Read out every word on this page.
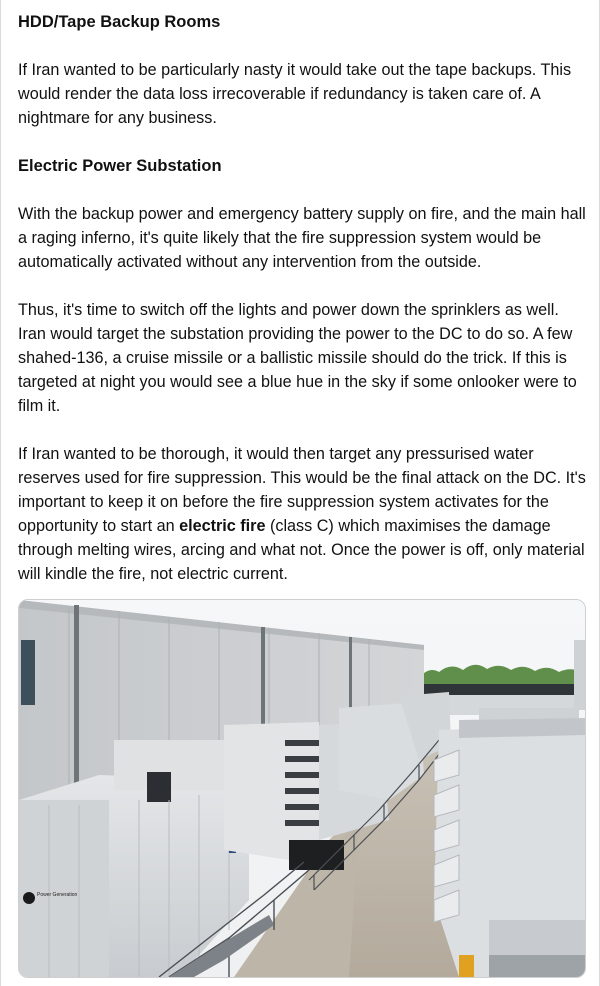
HDD/Tape Backup Rooms

If Iran wanted to be particularly nasty it would take out the tape backups. This would render the data loss irrecoverable if redundancy is taken care of. A nightmare for any business.

Electric Power Substation

With the backup power and emergency battery supply on fire, and the main hall a raging inferno, it's quite likely that the fire suppression system would be automatically activated without any intervention from the outside.

Thus, it's time to switch off the lights and power down the sprinklers as well. Iran would target the substation providing the power to the DC to do so. A few shahed-136, a cruise missile or a ballistic missile should do the trick. If this is targeted at night you would see a blue hue in the sky if some onlooker were to film it.

If Iran wanted to be thorough, it would then target any pressurised water reserves used for fire suppression. This would be the final attack on the DC. It's important to keep it on before the fire suppression system activates for the opportunity to start an electric fire (class C) which maximises the damage through melting wires, arcing and what not. Once the power is off, only material will kindle the fire, not electric current.

Power Generation
